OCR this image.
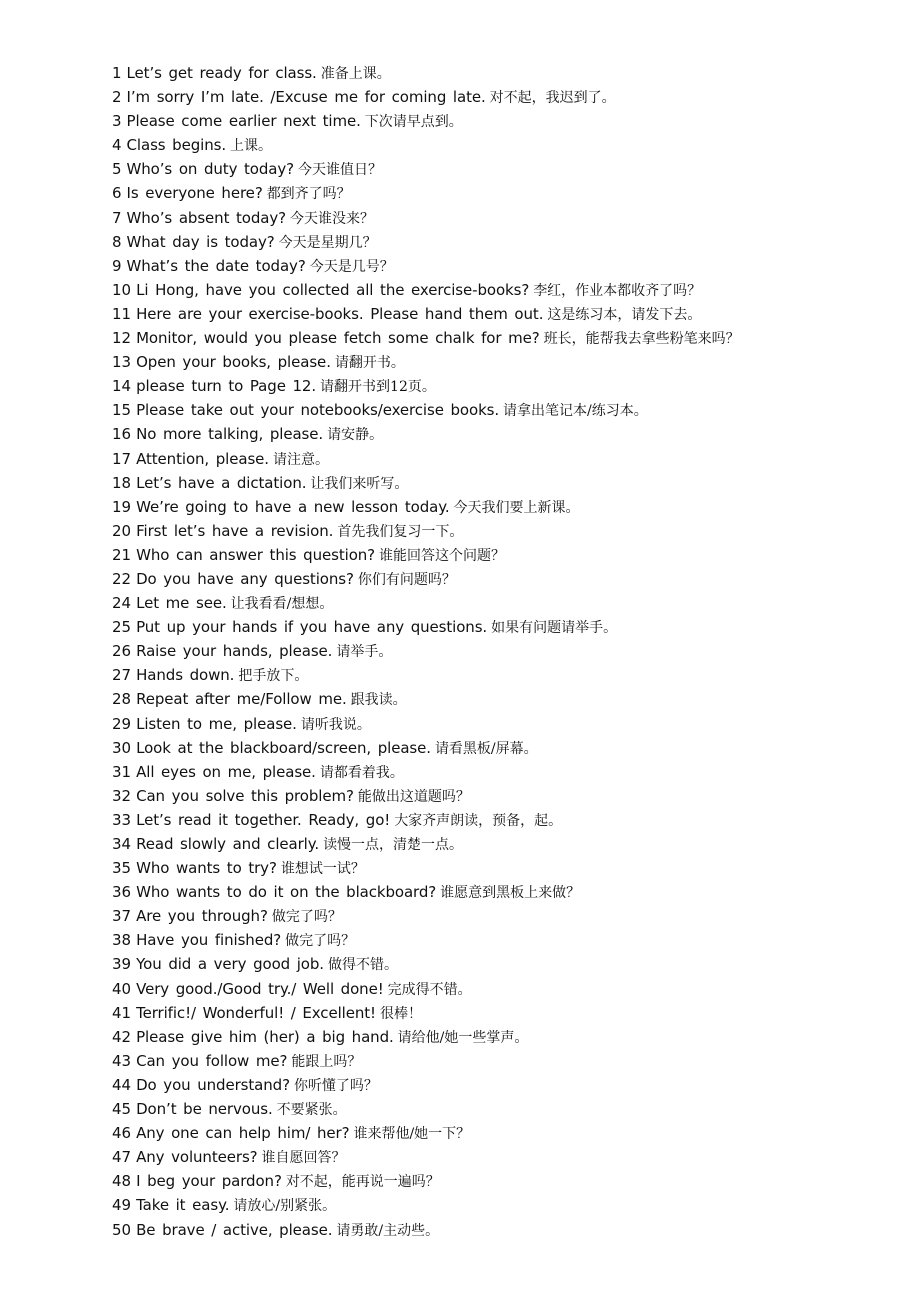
1 Let’s get ready for class. 准备上课。
2 I’m sorry I’m late. /Excuse me for coming late. 对不起，我迟到了。
3 Please come earlier next time. 下次请早点到。
4 Class begins. 上课。
5 Who’s on duty today? 今天谁值日？
6 Is everyone here? 都到齐了吗？
7 Who’s absent today? 今天谁没来？
8 What day is today? 今天是星期几？
9 What’s the date today? 今天是几号？
10 Li Hong, have you collected all the exercise-books? 李红，作业本都收齐了吗？
11 Here are your exercise-books. Please hand them out. 这是练习本，请发下去。
12 Monitor, would you please fetch some chalk for me? 班长，能帮我去拿些粉笔来吗？
13 Open your books, please. 请翻开书。
14 please turn to Page 12. 请翻开书到12页。
15 Please take out your notebooks/exercise books. 请拿出笔记本/练习本。
16 No more talking, please. 请安静。
17 Attention, please. 请注意。
18 Let’s have a dictation. 让我们来听写。
19 We’re going to have a new lesson today. 今天我们要上新课。
20 First let’s have a revision. 首先我们复习一下。
21 Who can answer this question? 谁能回答这个问题？
22 Do you have any questions? 你们有问题吗？
24 Let me see. 让我看看/想想。
25 Put up your hands if you have any questions. 如果有问题请举手。
26 Raise your hands, please. 请举手。
27 Hands down. 把手放下。
28 Repeat after me/Follow me. 跟我读。
29 Listen to me, please. 请听我说。
30 Look at the blackboard/screen, please. 请看黑板/屏幕。
31 All eyes on me, please. 请都看着我。
32 Can you solve this problem? 能做出这道题吗？
33 Let’s read it together. Ready, go! 大家齐声朗读，预备，起。
34 Read slowly and clearly. 读慢一点，清楚一点。
35 Who wants to try? 谁想试一试？
36 Who wants to do it on the blackboard? 谁愿意到黑板上来做？
37 Are you through? 做完了吗？
38 Have you finished? 做完了吗？
39 You did a very good job. 做得不错。
40 Very good./Good try./ Well done! 完成得不错。
41 Terrific!/ Wonderful! / Excellent! 很棒！
42 Please give him (her) a big hand. 请给他/她一些掌声。
43 Can you follow me? 能跟上吗？
44 Do you understand? 你听懂了吗？
45 Don’t be nervous. 不要紧张。
46 Any one can help him/ her? 谁来帮他/她一下？
47 Any volunteers? 谁自愿回答？
48 I beg your pardon? 对不起，能再说一遍吗？
49 Take it easy. 请放心/别紧张。
50 Be brave / active, please. 请勇敢/主动些。
